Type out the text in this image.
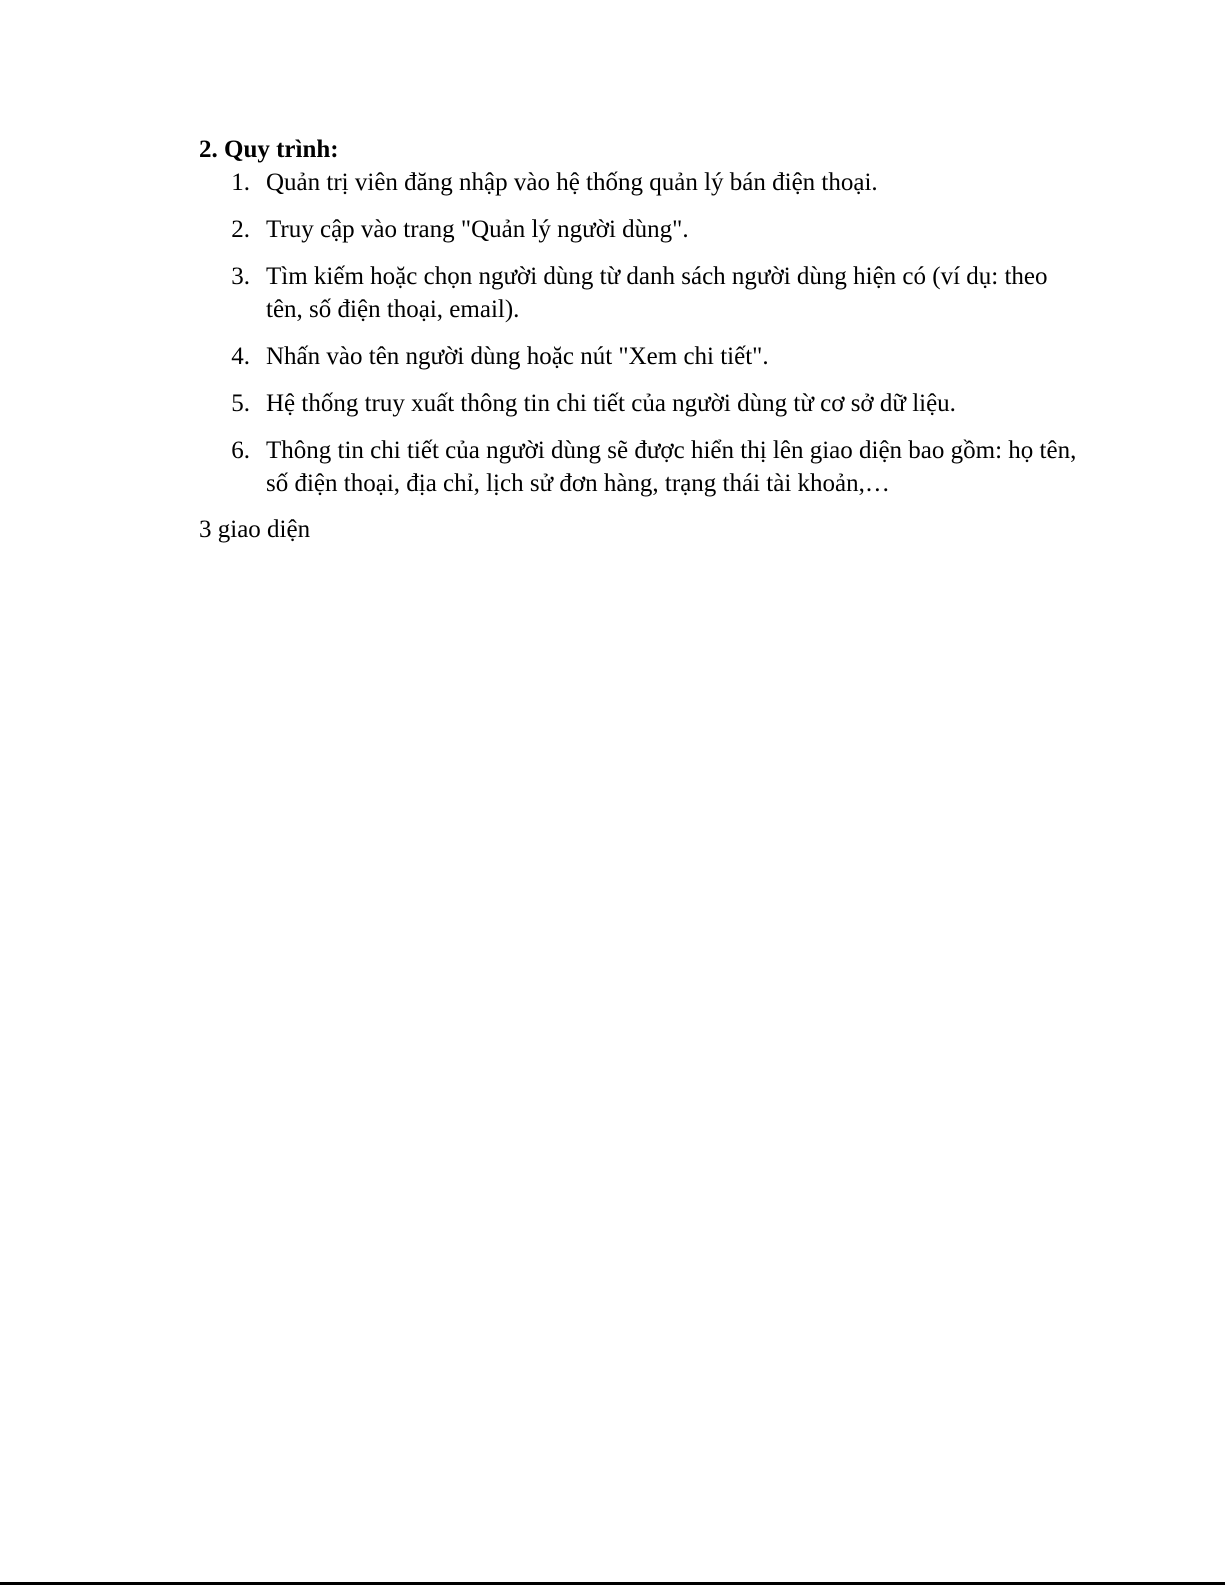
2. Quy trình:

1. Quản trị viên đăng nhập vào hệ thống quản lý bán điện thoại.
2. Truy cập vào trang "Quản lý người dùng".
3. Tìm kiếm hoặc chọn người dùng từ danh sách người dùng hiện có (ví dụ: theo tên, số điện thoại, email).
4. Nhấn vào tên người dùng hoặc nút "Xem chi tiết".
5. Hệ thống truy xuất thông tin chi tiết của người dùng từ cơ sở dữ liệu.
6. Thông tin chi tiết của người dùng sẽ được hiển thị lên giao diện bao gồm: họ tên, số điện thoại, địa chỉ, lịch sử đơn hàng, trạng thái tài khoản,…

3 giao diện
